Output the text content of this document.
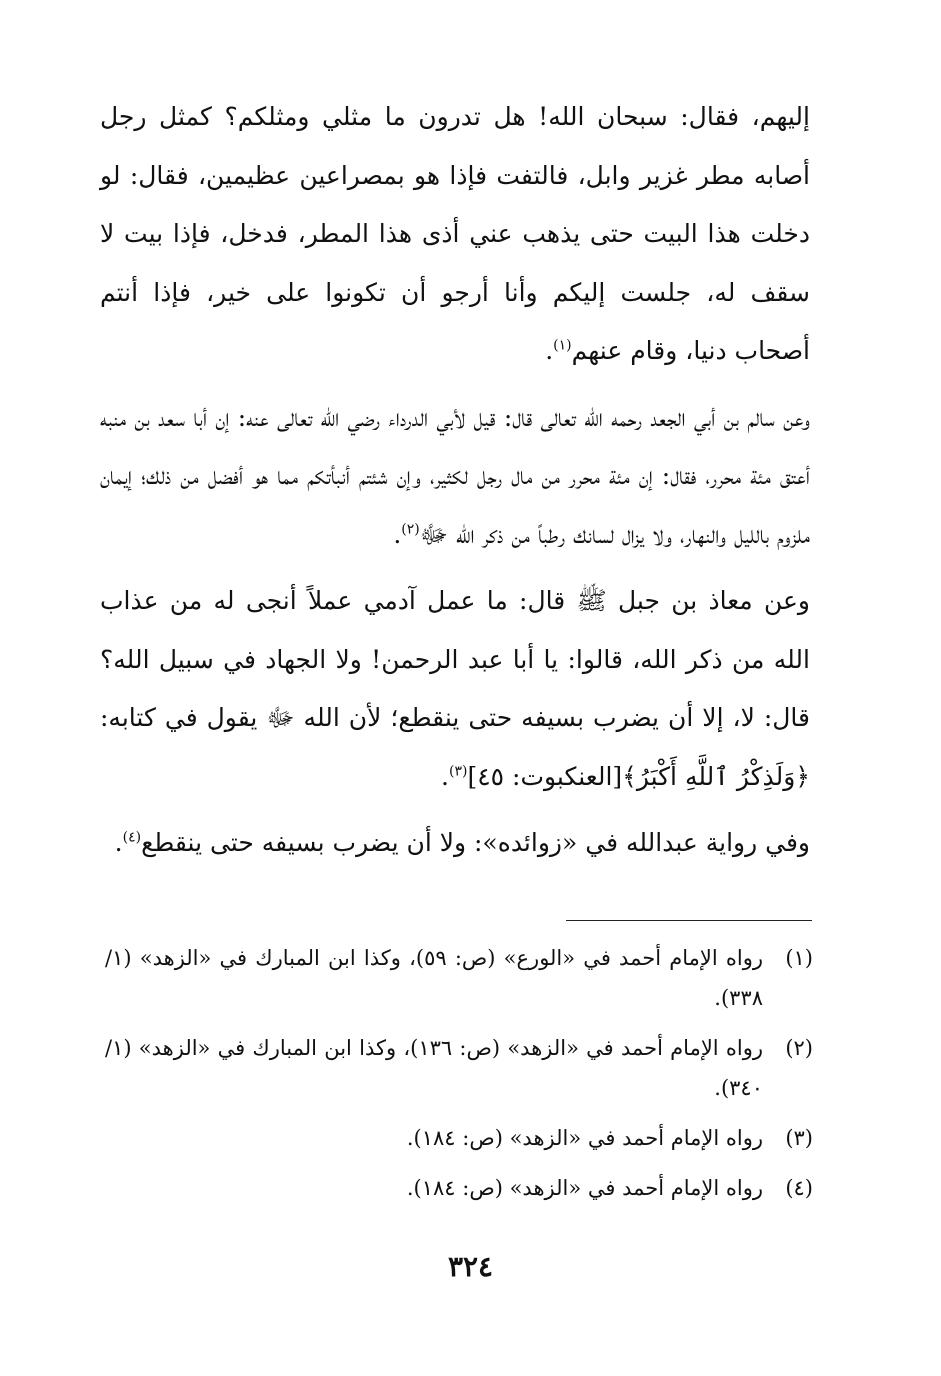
إليهم، فقال: سبحان الله! هل تدرون ما مثلي ومثلكم؟ كمثل رجل أصابه مطر غزير وابل، فالتفت فإذا هو بمصراعين عظيمين، فقال: لو دخلت هذا البيت حتى يذهب عني أذى هذا المطر، فدخل، فإذا بيت لا سقف له، جلست إليكم وأنا أرجو أن تكونوا على خير، فإذا أنتم أصحاب دنيا، وقام عنهم$^{(١)}$.

وعن سالم بن أبي الجعد رحمه الله تعالى قال: قيل لأبي الدرداء رضي الله تعالى عنه: إن أبا سعد بن منبه أعتق مئة محرر، فقال: إن مئة محرر من مال رجل لكثير، وإن شئتم أنبأتكم مما هو أفضل من ذلك؛ إيمان ملزوم بالليل والنهار، ولا يزال لسانك رطباً من ذكر الله ﷻ$^{(٢)}$.

وعن معاذ بن جبل ﷺ قال: ما عمل آدمي عملاً أنجى له من عذاب الله من ذكر الله، قالوا: يا أبا عبد الرحمن! ولا الجهاد في سبيل الله؟ قال: لا، إلا أن يضرب بسيفه حتى ينقطع؛ لأن الله ﷻ يقول في كتابه: ﴿وَلَذِكْرُ ٱللَّهِ أَكْبَرُ﴾[العنكبوت: ٤٥]$^{(٣)}$.

وفي رواية عبدالله في «زوائده»: ولا أن يضرب بسيفه حتى ينقطع$^{(٤)}$.

(١)
رواه الإمام أحمد في «الورع» (ص: ٥٩)، وكذا ابن المبارك في «الزهد» (١/ ٣٣٨).
(٢)
رواه الإمام أحمد في «الزهد» (ص: ١٣٦)، وكذا ابن المبارك في «الزهد» (١/ ٣٤٠).
(٣)
رواه الإمام أحمد في «الزهد» (ص: ١٨٤).
(٤)
رواه الإمام أحمد في «الزهد» (ص: ١٨٤).
٣٢٤
